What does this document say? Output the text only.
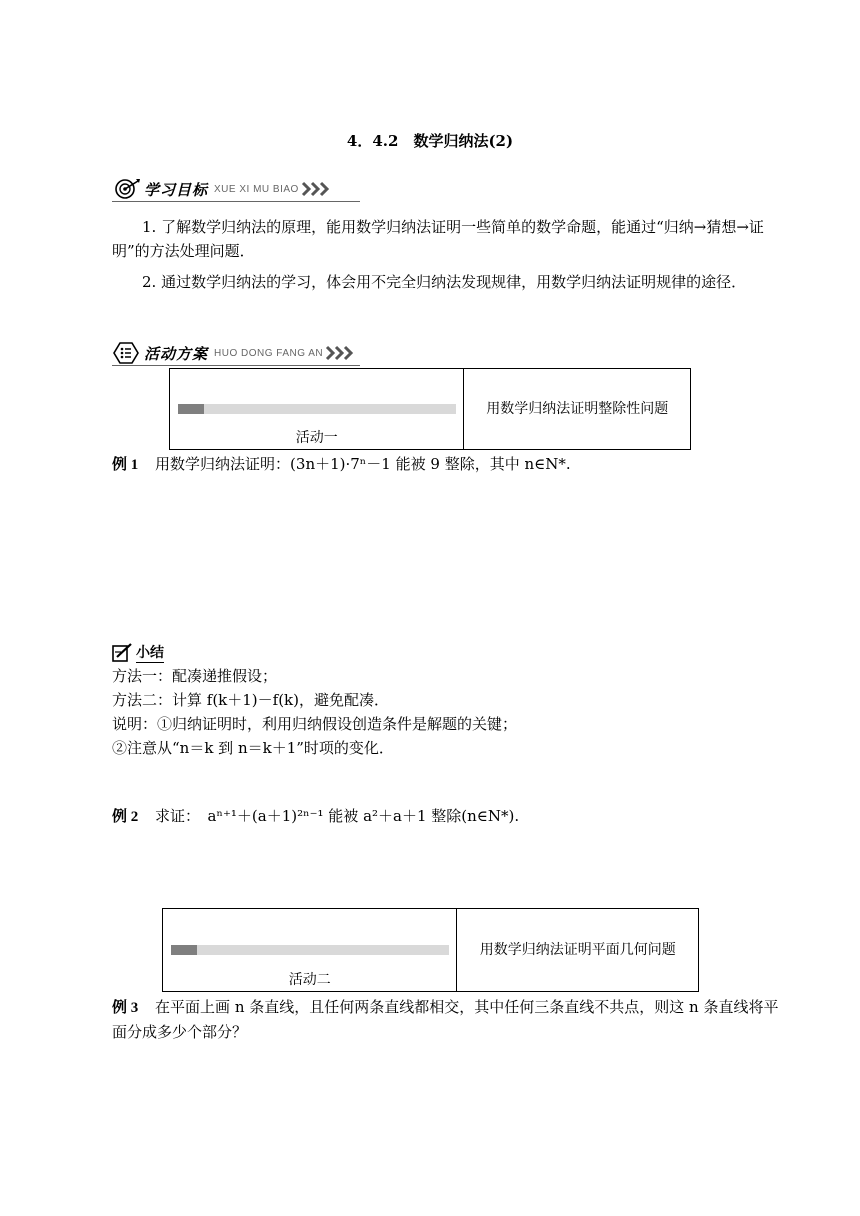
4．4.2　数学归纳法(2)
学习目标 XUE XI MU BIAO
1. 了解数学归纳法的原理，能用数学归纳法证明一些简单的数学命题，能通过“归纳→猜想→证明”的方法处理问题．
2. 通过数学归纳法的学习，体会用不完全归纳法发现规律，用数学归纳法证明规律的途径．
活动方案 HUO DONG FANG AN
活动一
用数学归纳法证明整除性问题
例 1 用数学归纳法证明：(3n＋1)·7ⁿ－1 能被 9 整除，其中 n∈N*.
小结
方法一：配凑递推假设；
方法二：计算 f(k＋1)－f(k)，避免配凑．
说明：①归纳证明时，利用归纳假设创造条件是解题的关键；
②注意从“n＝k 到 n＝k＋1”时项的变化．
例 2 求证：　aⁿ⁺¹＋(a＋1)²ⁿ⁻¹ 能被 a²＋a＋1 整除(n∈N*).
活动二
用数学归纳法证明平面几何问题
例 3 在平面上画 n 条直线，且任何两条直线都相交，其中任何三条直线不共点，则这 n 条直线将平面分成多少个部分？
